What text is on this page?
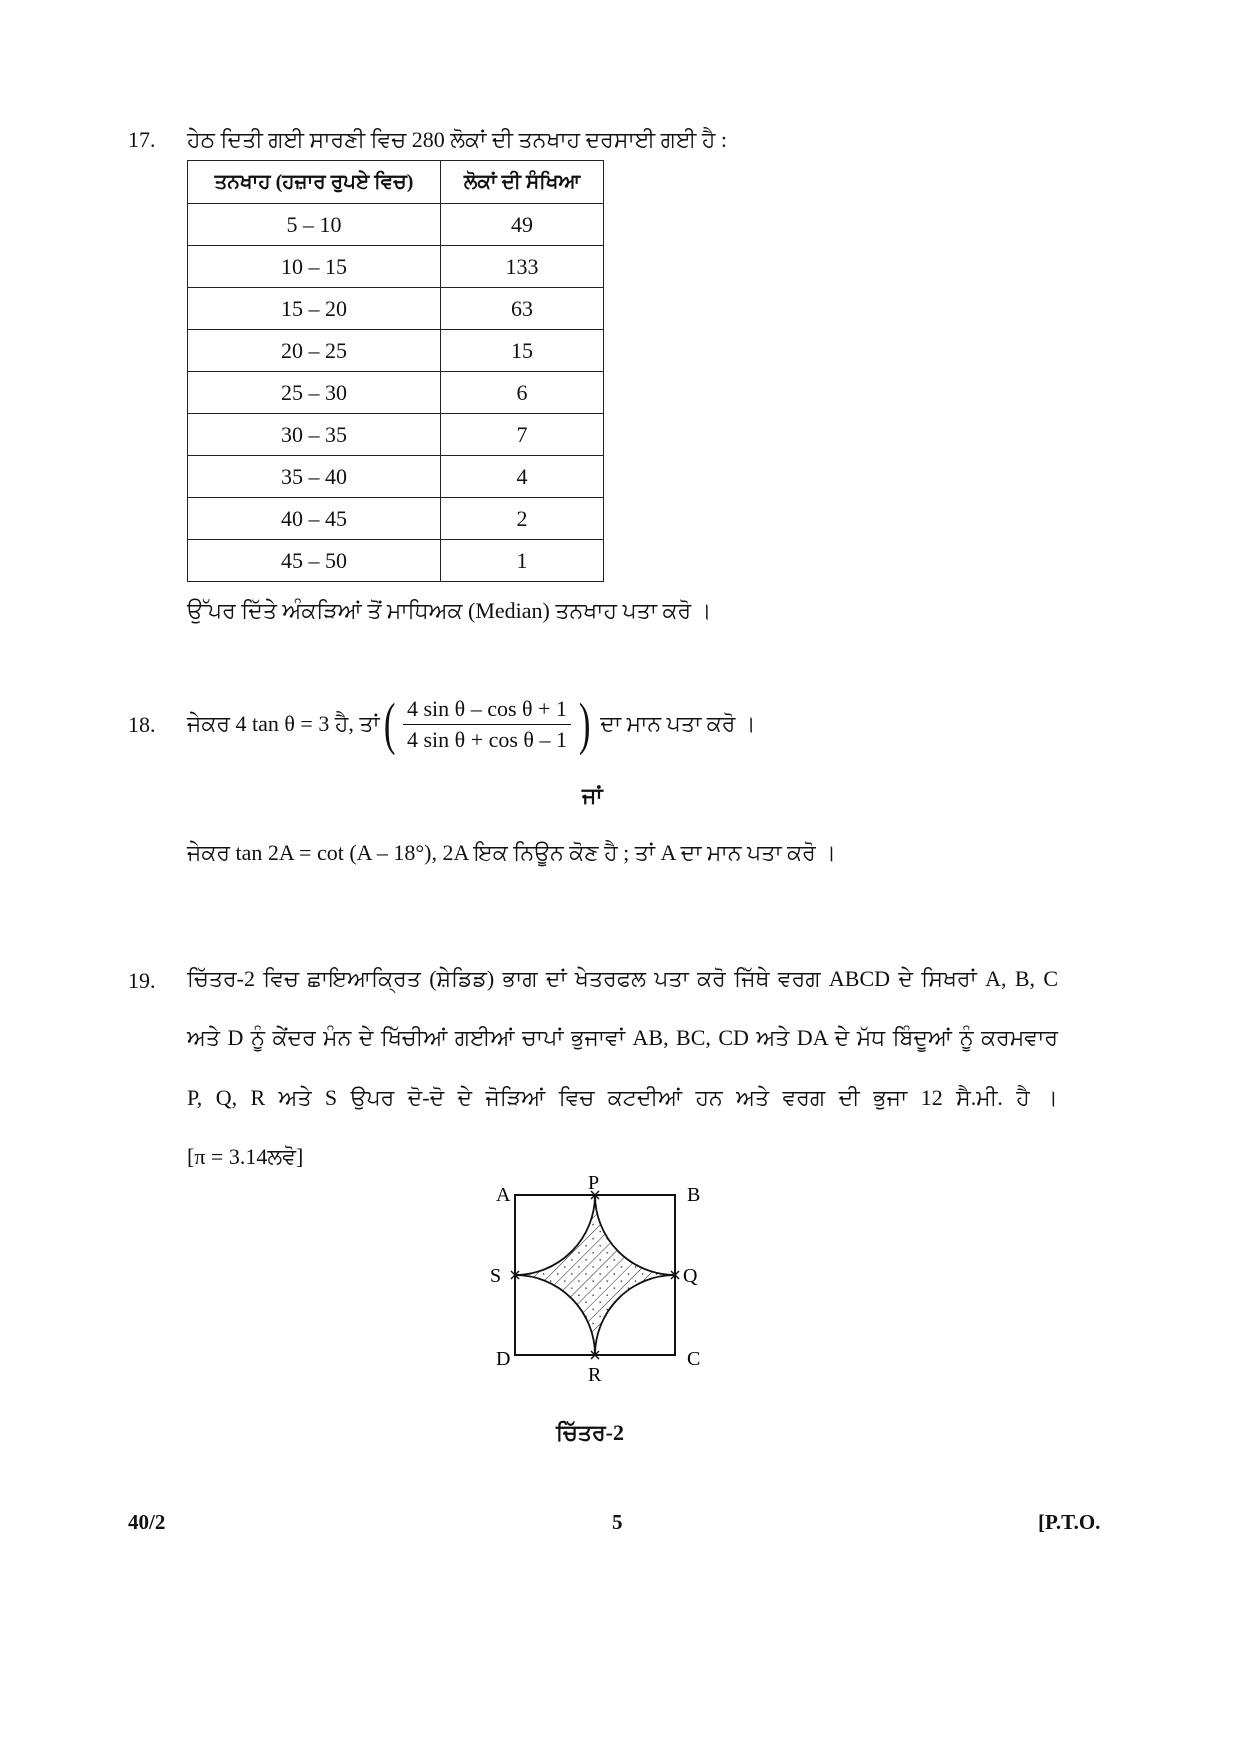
17. ਹੇਠ ਦਿਤੀ ਗਈ ਸਾਰਣੀ ਵਿਚ 280 ਲੋਕਾਂ ਦੀ ਤਨਖਾਹ ਦਰਸਾਈ ਗਈ ਹੈ :
ਤਨਖਾਹ (ਹਜ਼ਾਰ ਰੁਪਏ ਵਿਚ)	ਲੋਕਾਂ ਦੀ ਸੰਖਿਆ
5 – 10	49
10 – 15	133
15 – 20	63
20 – 25	15
25 – 30	6
30 – 35	7
35 – 40	4
40 – 45	2
45 – 50	1
ਉੱਪਰ ਦਿੱਤੇ ਅੰਕੜਿਆਂ ਤੋਂ ਮਾਧਿਅਕ (Median) ਤਨਖਾਹ ਪਤਾ ਕਰੋ ।
18. ਜੇਕਰ 4 tan θ = 3 ਹੈ, ਤਾਂ ( $\frac{\text{4 sin θ – cos θ + 1}}{\text{4 sin θ + cos θ – 1}}$ ) ਦਾ ਮਾਨ ਪਤਾ ਕਰੋ ।
ਜਾਂ
ਜੇਕਰ tan 2A = cot (A – 18°), 2A ਇਕ ਨਿਊਨ ਕੋਣ ਹੈ ; ਤਾਂ A ਦਾ ਮਾਨ ਪਤਾ ਕਰੋ ।
19. ਚਿੱਤਰ-2 ਵਿਚ ਛਾਇਆਕ੍ਰਿਤ (ਸ਼ੇਡਿਡ) ਭਾਗ ਦਾਂ ਖੇਤਰਫਲ ਪਤਾ ਕਰੋ ਜਿੱਥੇ ਵਰਗ ABCD ਦੇ ਸਿਖਰਾਂ A, B, C
ਅਤੇ D ਨੂੰ ਕੇਂਦਰ ਮੰਨ ਦੇ ਖਿੱਚੀਆਂ ਗਈਆਂ ਚਾਪਾਂ ਭੁਜਾਵਾਂ AB, BC, CD ਅਤੇ DA ਦੇ ਮੱਧ ਬਿੰਦੂਆਂ ਨੂੰ ਕਰਮਵਾਰ
P, Q, R ਅਤੇ S ਉਪਰ ਦੋ-ਦੋ ਦੇ ਜੋੜਿਆਂ ਵਿਚ ਕਟਦੀਆਂ ਹਨ ਅਤੇ ਵਰਗ ਦੀ ਭੁਜਾ 12 ਸੈ.ਮੀ. ਹੈ ।
[π = 3.14ਲਵੋ]
A	B
C
D
P
Q
R
S
ਚਿੱਤਰ-2
40/2	5	[P.T.O.
